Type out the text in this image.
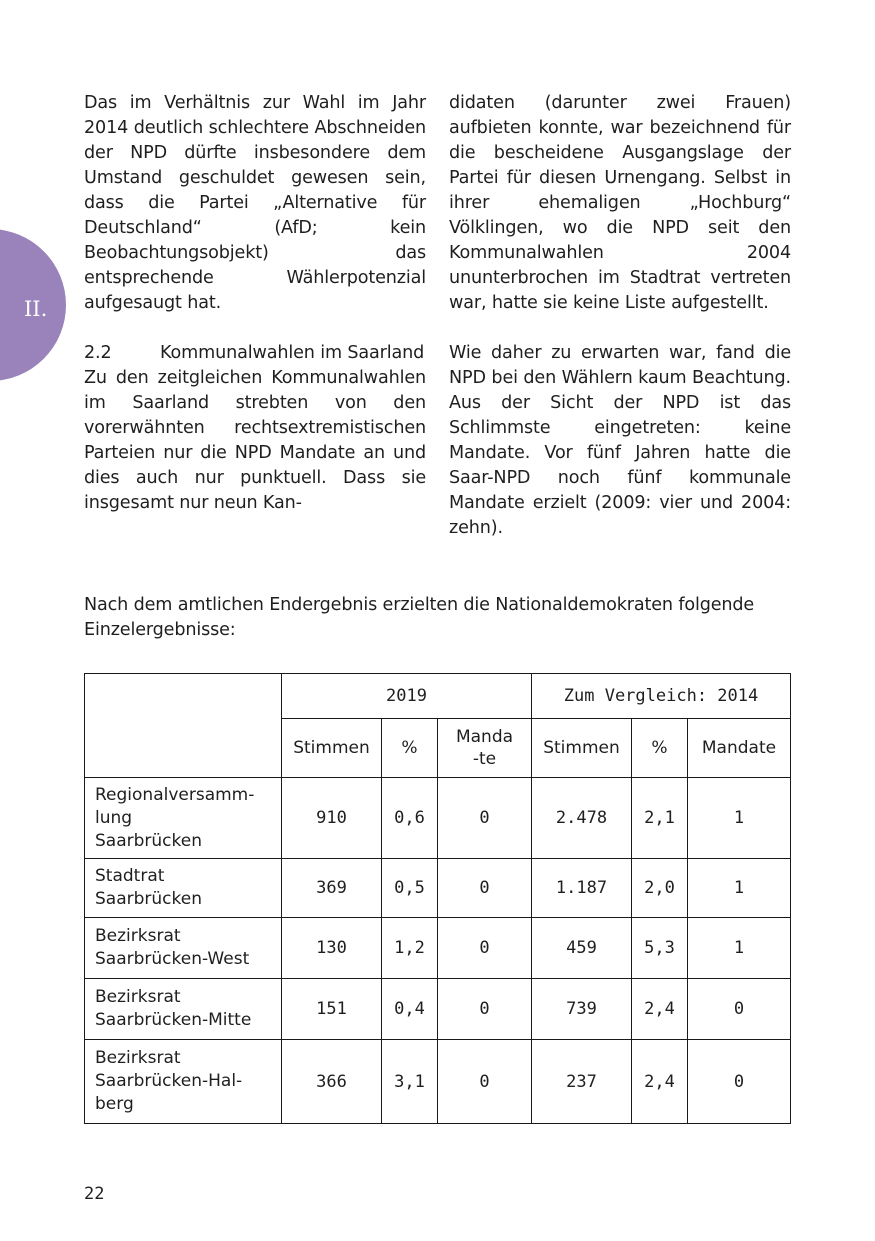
II.

Das im Verhältnis zur Wahl im Jahr 2014 deutlich schlechtere Abschneiden der NPD dürfte insbesondere dem Umstand geschuldet gewesen sein, dass die Partei „Alternative für Deutschland“ (AfD; kein Beobachtungsobjekt) das entsprechende Wählerpotenzial aufgesaugt hat.

2.2	Kommunalwahlen im Saarland

Zu den zeitgleichen Kommunalwahlen im Saarland strebten von den vorerwähnten rechtsextremistischen Parteien nur die NPD Mandate an und dies auch nur punktuell. Dass sie insgesamt nur neun Kan-

didaten (darunter zwei Frauen) aufbieten konnte, war bezeichnend für die bescheidene Ausgangslage der Partei für diesen Urnengang. Selbst in ihrer ehemaligen „Hochburg“ Völklingen, wo die NPD seit den Kommunalwahlen 2004 ununterbrochen im Stadtrat vertreten war, hatte sie keine Liste aufgestellt.

Wie daher zu erwarten war, fand die NPD bei den Wählern kaum Beachtung. Aus der Sicht der NPD ist das Schlimmste eingetreten: keine Mandate. Vor fünf Jahren hatte die Saar-NPD noch fünf kommunale Mandate erzielt (2009: vier und 2004: zehn).

Nach dem amtlichen Endergebnis erzielten die Nationaldemokraten folgende Einzelergebnisse:

	2019			Zum Vergleich: 2014		
	Stimmen	%	Manda-te	Stimmen	%	Mandate
Regionalversamm-
lung
Saarbrücken	910	0,6	0	2.478	2,1	1
Stadtrat
Saarbrücken	369	0,5	0	1.187	2,0	1
Bezirksrat
Saarbrücken-West	130	1,2	0	459	5,3	1
Bezirksrat
Saarbrücken-Mitte	151	0,4	0	739	2,4	0
Bezirksrat
Saarbrücken-Hal-
berg	366	3,1	0	237	2,4	0
22
